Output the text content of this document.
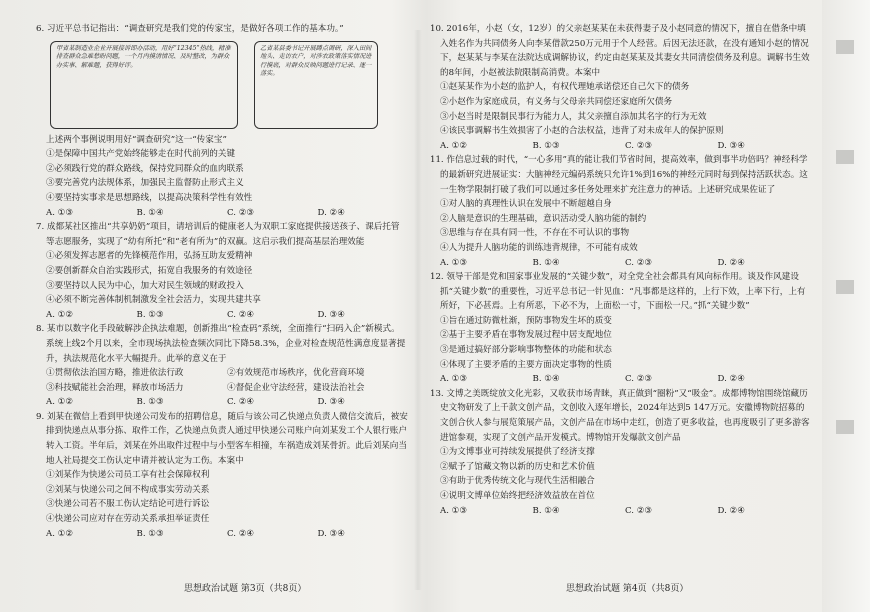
6. 习近平总书记指出：“调查研究是我们党的传家宝，是做好各项工作的基本功。”

甲省某制造业企业开展接诉即办活动，用好“12345”热线，精准排查群众急难愁盼问题，一个月内摸清情况、及时整改，为群众办实事、解难题，获得好评。
乙省某县委书记开展蹲点调研，深入田间地头、走访农户，对涉农政策落实情况进行摸底，对群众反映问题进行记录、逐一落实。

上述两个事例说明用好“调查研究”这一“传家宝”

①是保障中国共产党始终能够走在时代前列的关键

②必须践行党的群众路线，保持党同群众的血肉联系

③要完善党内法规体系，加强民主监督防止形式主义

④要坚持实事求是思想路线，以提高决策科学性有效性

A. ①③	B. ①④	C. ②③	D. ②④

7. 成都某社区推出“共享奶奶”项目，请培训后的健康老人为双职工家庭提供接送孩子、课后托管等志愿服务，实现了“幼有所托”和“老有所为”的双赢。这启示我们提高基层治理效能

①必须发挥志愿者的先锋模范作用，弘扬互助友爱精神

②要创新群众自治实践形式，拓宽自我服务的有效途径

③要坚持以人民为中心，加大对民生领域的财政投入

④必须不断完善体制机制激发全社会活力，实现共建共享

A. ①②	B. ①③	C. ②④	D. ③④

8. 某市以数字化手段破解涉企执法难题，创新推出“检查码”系统，全面推行“扫码入企”新模式。系统上线2个月以来，全市现场执法检查频次同比下降58.3%，企业对检查规范性满意度显著提升，执法规范化水平大幅提升。此举的意义在于

①贯彻依法治国方略，推进依法行政	②有效规范市场秩序，优化营商环境
③科技赋能社会治理，释放市场活力	④督促企业守法经营，建设法治社会
A. ①②	B. ①③	C. ②④	D. ③④

9. 刘某在微信上看到甲快递公司发布的招聘信息，随后与该公司乙快递点负责人微信交流后，被安排到快递点从事分拣、取件工作，乙快递点负责人通过甲快递公司账户向刘某发工个人银行账户转入工资。半年后，刘某在外出取件过程中与小型客车相撞，车祸造成刘某骨折。此后刘某向当地人社局提交工伤认定申请并被认定为工伤。本案中

①刘某作为快递公司员工享有社会保障权利

②刘某与快递公司之间不构成事实劳动关系

③快递公司若不服工伤认定结论可进行诉讼

④快递公司应对存在劳动关系承担举证责任

A. ①②	B. ①③	C. ②④	D. ③④

10. 2016年，小赵（女，12岁）的父亲赵某某在未获得妻子及小赵同意的情况下，擅自在借条中填入姓名作为共同债务人向李某借款250万元用于个人经营。后因无法还款，在没有通知小赵的情况下，赵某某与李某在法院达成调解协议，约定由赵某某及其妻女共同清偿债务及利息。调解书生效的8年间，小赵被法院限制高消费。本案中

①赵某某作为小赵的监护人，有权代理她承诺偿还自己欠下的债务

②小赵作为家庭成员，有义务与父母亲共同偿还家庭所欠债务

③小赵当时是限制民事行为能力人，其父亲擅自添加其名字的行为无效

④该民事调解书生效损害了小赵的合法权益，违背了对未成年人的保护原则

A. ①②	B. ①③	C. ②③	D. ③④

11. 作信息过载的时代，“一心多用”真的能让我们节省时间，提高效率，做到事半功倍吗？神经科学的最新研究进展证实：大脑神经元编码系统只允许1%到16%的神经元同时每到保持活跃状态。这一生物学限制打破了我们可以通过多任务处理来扩充注意力的神话。上述研究成果佐证了

①对人脑的真理性认识在发展中不断超越自身

②人脑是意识的生理基础，意识活动受人脑功能的制约

③思维与存在具有同一性，不存在不可认识的事物

④人为提升人脑功能的训练违背规律，不可能有成效

A. ①③	B. ①④	C. ②③	D. ②④

12. 领导干部是党和国家事业发展的“关键少数”，对全党全社会都具有风向标作用。谈及作风建设抓“关键少数”的重要性，习近平总书记一针见血：“凡事都是这样的，上行下效，上率下行，上有所好，下必甚焉。上有所恶，下必不为，上面松一寸，下面松一尺。”抓“关键少数”

①旨在通过防微杜渐，预防事物发生坏的质变

②基于主要矛盾在事物发展过程中居支配地位

③是通过搞好部分影响事物整体的功能和状态

④体现了主要矛盾的主要方面决定事物的性质

A. ①③	B. ①④	C. ②③	D. ②④

13. 文博之美既绽放文化光彩，又收获市场青睐，真正做到“圈粉”又“吸金”。成都博物馆围绕馆藏历史文物研发了上千款文创产品，文创收入逐年增长，2024年达到5 147万元。安徽博物院招募的文创合伙人参与展览策展产品，文创产品在市场中走红，创造了更多收益，也再度吸引了更多游客进馆参观，实现了文创产品开发模式。博物馆开发爆款文创产品

①为文博事业可持续发展提供了经济支撑

②赋予了馆藏文物以新的历史和艺术价值

③有助于优秀传统文化与现代生活相融合

④说明文博单位始终把经济效益放在首位

A. ①③	B. ①④	C. ②③	D. ②④
思想政治试题 第3页（共8页）	思想政治试题 第4页（共8页）
